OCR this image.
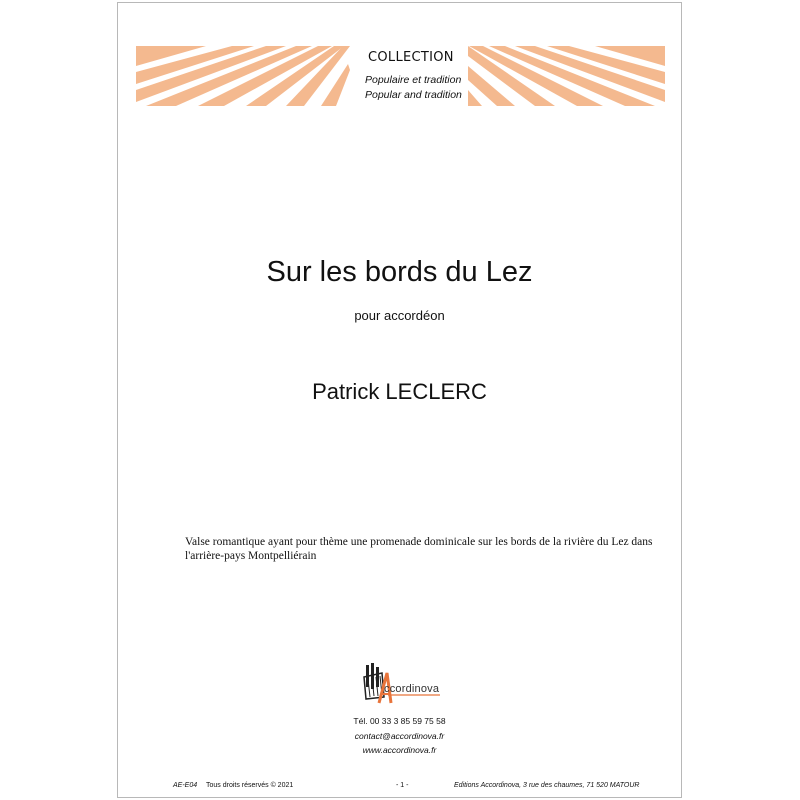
COLLECTION
Populaire et tradition
Popular and tradition
Sur les bords du Lez
pour accordéon
Patrick LECLERC
Valse romantique ayant pour thème une promenade dominicale sur les bords de la rivière du Lez dans l'arrière-pays Montpelliérain
ccordinova
Tél. 00 33 3 85 59 75 58
contact@accordinova.fr
www.accordinova.fr
AE-E04 Tous droits réservés © 2021	- 1 -	Editions Accordinova, 3 rue des chaumes, 71 520 MATOUR
